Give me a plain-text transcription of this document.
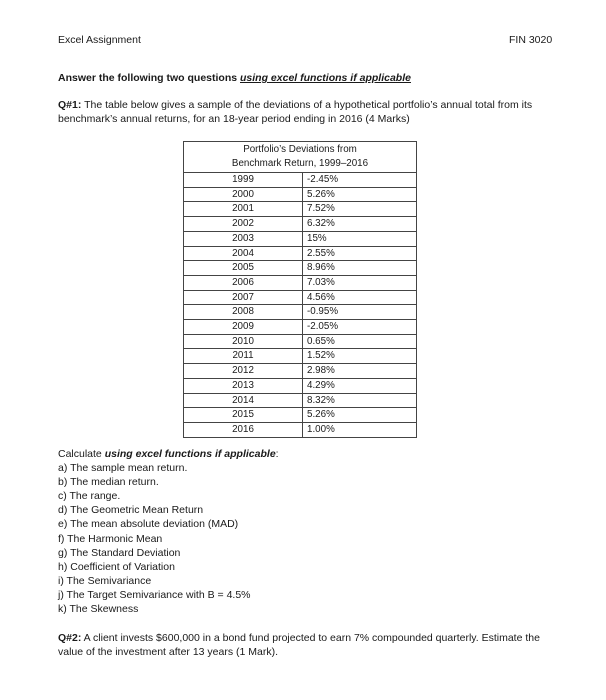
Excel Assignment	FIN 3020
Answer the following two questions using excel functions if applicable
Q#1: The table below gives a sample of the deviations of a hypothetical portfolio’s annual total from its benchmark’s annual returns, for an 18-year period ending in 2016 (4 Marks)
Portfolio’s Deviations from
Benchmark Return, 1999–2016	

1999	-2.45%
2000	5.26%
2001	7.52%
2002	6.32%
2003	15%
2004	2.55%
2005	8.96%
2006	7.03%
2007	4.56%
2008	-0.95%
2009	-2.05%
2010	0.65%
2011	1.52%
2012	2.98%
2013	4.29%
2014	8.32%
2015	5.26%
2016	1.00%
Calculate using excel functions if applicable:
a) The sample mean return.
b) The median return.
c) The range.
d) The Geometric Mean Return
e) The mean absolute deviation (MAD)
f) The Harmonic Mean
g) The Standard Deviation
h) Coefficient of Variation
i) The Semivariance
j) The Target Semivariance with B = 4.5%
k) The Skewness
Q#2: A client invests $600,000 in a bond fund projected to earn 7% compounded quarterly. Estimate the value of the investment after 13 years (1 Mark).
